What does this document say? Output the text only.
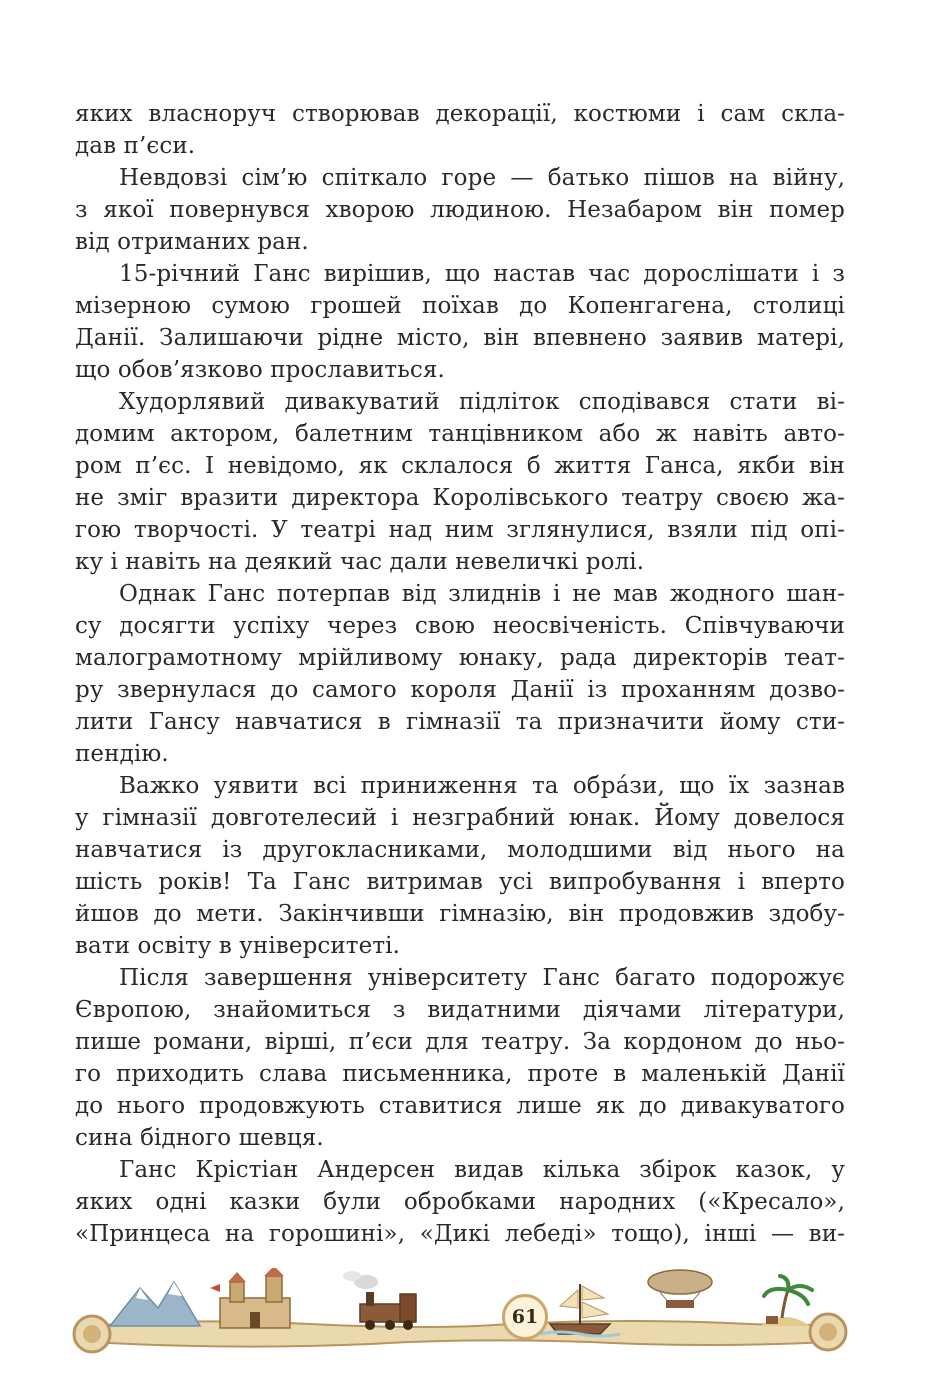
яких власноруч створював декорації, костюми і сам скла-
дав п’єси.
Невдовзі сім’ю спіткало горе — батько пішов на війну,
з якої повернувся хворою людиною. Незабаром він помер
від отриманих ран.
15-річний Ганс вирішив, що настав час дорослішати і з
мізерною сумою грошей поїхав до Копенгагена, столиці
Данії. Залишаючи рідне місто, він впевнено заявив матері,
що обов’язково прославиться.
Худорлявий дивакуватий підліток сподівався стати ві-
домим актором, балетним танцівником або ж навіть авто-
ром п’єс. І невідомо, як склалося б життя Ганса, якби він
не зміг вразити директора Королівського театру своєю жа-
гою творчості. У театрі над ним зглянулися, взяли під опі-
ку і навіть на деякий час дали невеличкі ролі.
Однак Ганс потерпав від злиднів і не мав жодного шан-
су досягти успіху через свою неосвіченість. Співчуваючи
малограмотному мрійливому юнаку, рада директорів теат-
ру звернулася до самого короля Данії із проханням дозво-
лити Гансу навчатися в гімназії та призначити йому сти-
пендію.
Важко уявити всі приниження та обра́зи, що їх зазнав
у гімназії довготелесий і незграбний юнак. Йому довелося
навчатися із другокласниками, молодшими від нього на
шість років! Та Ганс витримав усі випробування і вперто
йшов до мети. Закінчивши гімназію, він продовжив здобу-
вати освіту в університеті.
Після завершення університету Ганс багато подорожує
Європою, знайомиться з видатними діячами літератури,
пише романи, вірші, п’єси для театру. За кордоном до ньо-
го приходить слава письменника, проте в маленькій Данії
до нього продовжують ставитися лише як до дивакуватого
сина бідного шевця.
Ганс Крістіан Андерсен видав кілька збірок казок, у
яких одні казки були обробками народних («Кресало»,
«Принцеса на горошині», «Дикі лебеді» тощо), інші — ви-
61
